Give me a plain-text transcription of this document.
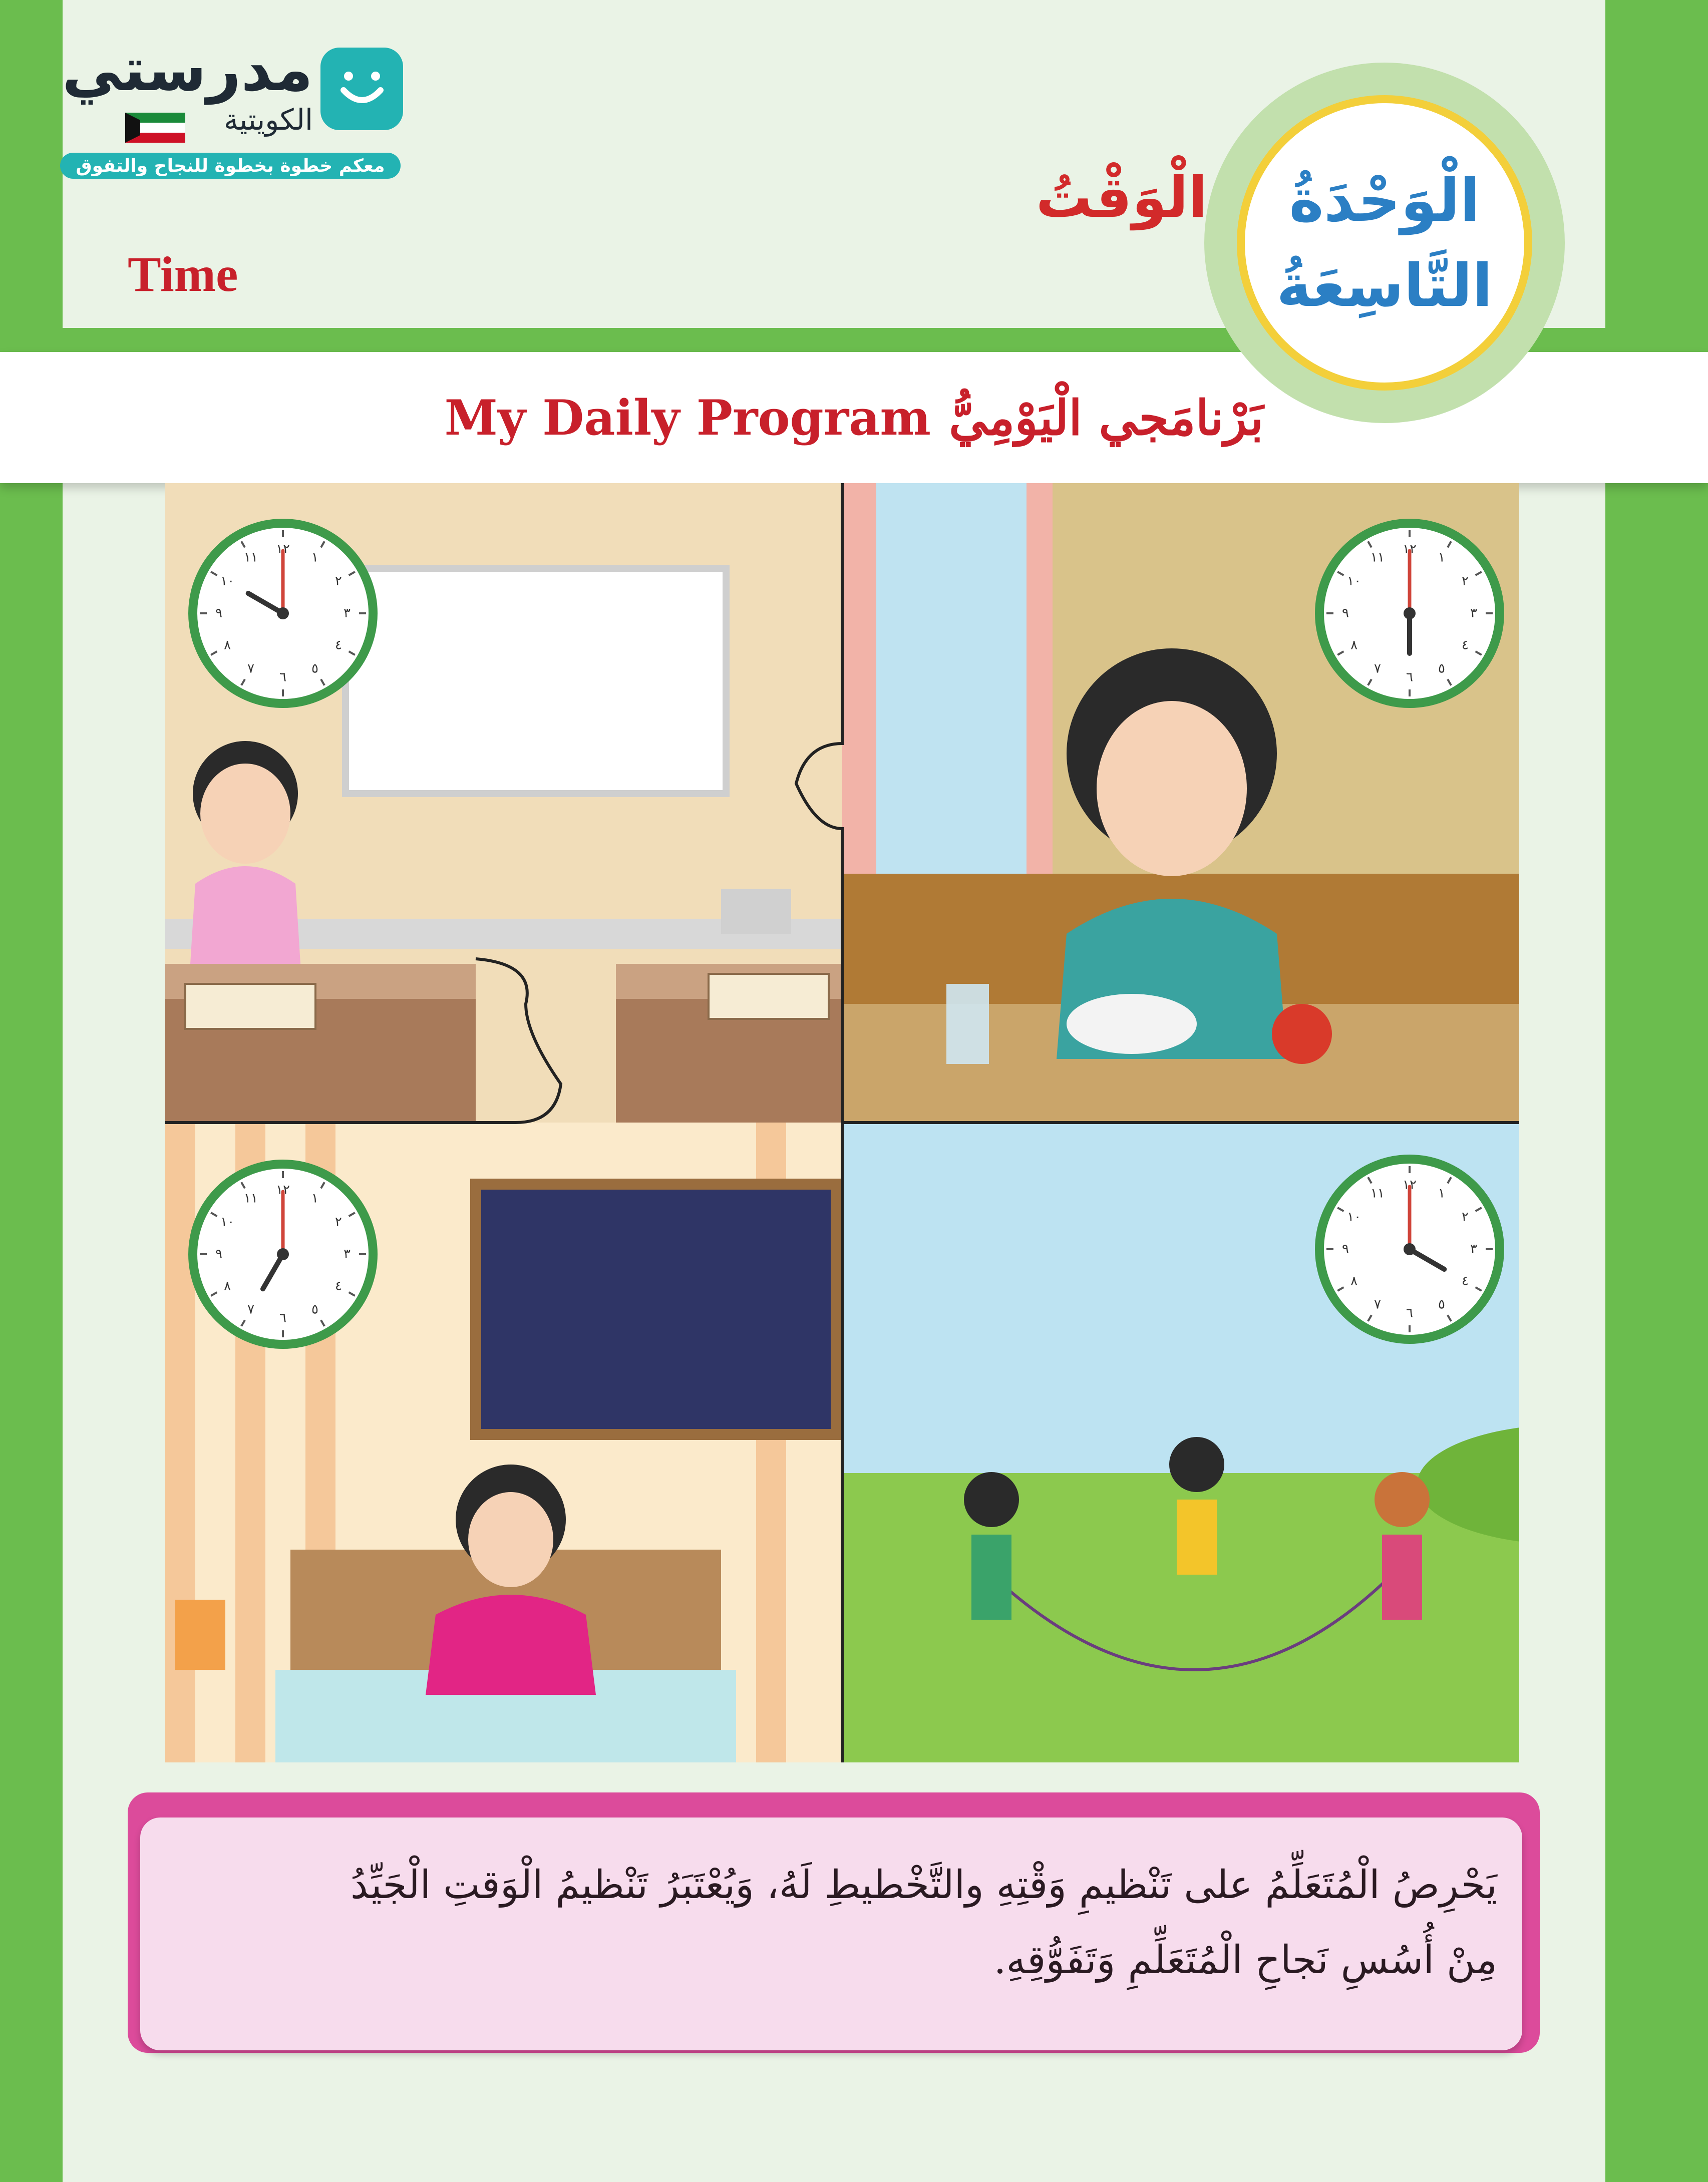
مدرستي
الكويتية
معكم خطوة بخطوة للنجاح والتفوق
Time
الْوَقْتُ
My Daily Program بَرْنامَجي الْيَوْمِيُّ
الْوَحْدَةُ
التَّاسِعَةُ
١٢
١
٢
٣
٤
٥
٦
٧
٨
٩
١٠
١١
١٢
١
٢
٣
٤
٥
٦
٧
٨
٩
١٠
١١
١٢
١
٢
٣
٤
٥
٦
٧
٨
٩
١٠
١١
١٢
١
٢
٣
٤
٥
٦
٧
٨
٩
١٠
١١
يَحْرِصُ الْمُتَعَلِّمُ على تَنْظيمِ وَقْتِهِ والتَّخْطيطِ لَهُ، وَيُعْتَبَرُ تَنْظيمُ الْوَقتِ الْجَيِّدُ مِنْ أُسُسِ نَجاحِ الْمُتَعَلِّمِ وَتَفَوُّقِهِ.
